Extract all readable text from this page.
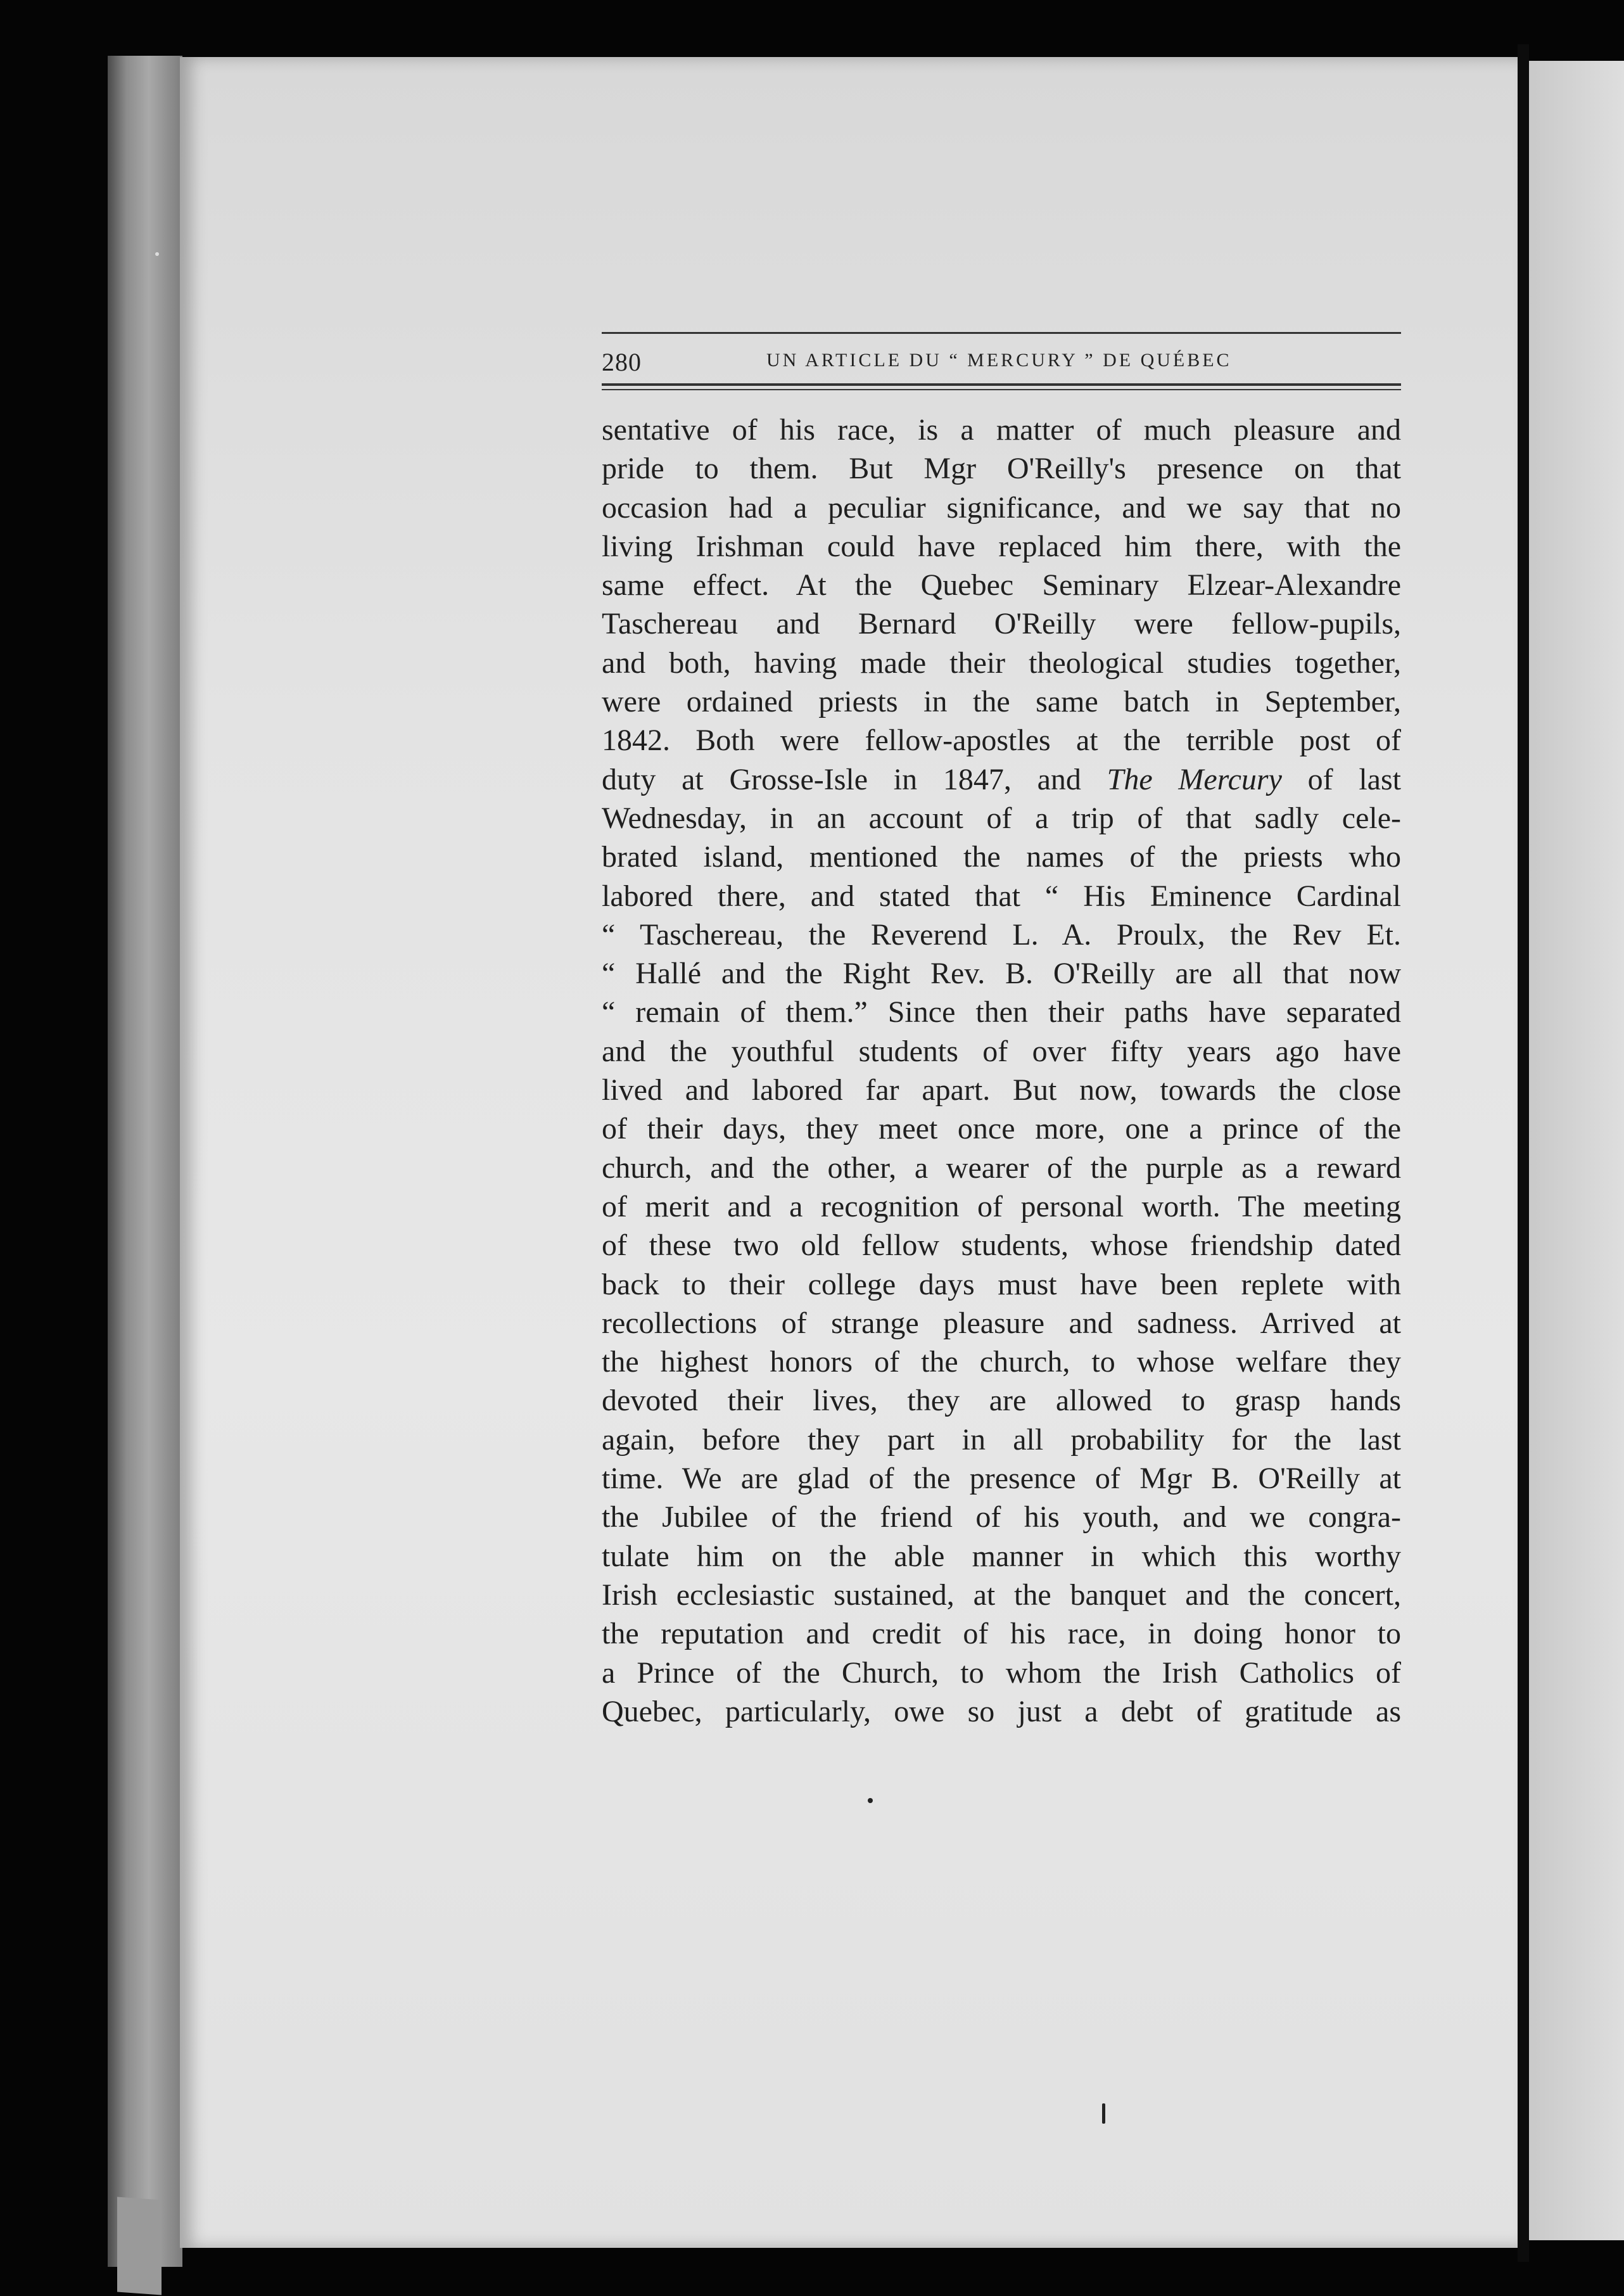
280	UN ARTICLE DU “ MERCURY ” DE QUÉBEC
sentative of his race, is a matter of much pleasure and
pride to them. But Mgr O'Reilly's presence on that
occasion had a peculiar significance, and we say that no
living Irishman could have replaced him there, with the
same effect. At the Quebec Seminary Elzear-Alexandre
Taschereau and Bernard O'Reilly were fellow-pupils,
and both, having made their theological studies together,
were ordained priests in the same batch in September,
1842. Both were fellow-apostles at the terrible post of
duty at Grosse-Isle in 1847, and The Mercury of last
Wednesday, in an account of a trip of that sadly cele-
brated island, mentioned the names of the priests who
labored there, and stated that “ His Eminence Cardinal
“ Taschereau, the Reverend L. A. Proulx, the Rev Et.
“ Hallé and the Right Rev. B. O'Reilly are all that now
“ remain of them.” Since then their paths have separated
and the youthful students of over fifty years ago have
lived and labored far apart. But now, towards the close
of their days, they meet once more, one a prince of the
church, and the other, a wearer of the purple as a reward
of merit and a recognition of personal worth. The meeting
of these two old fellow students, whose friendship dated
back to their college days must have been replete with
recollections of strange pleasure and sadness. Arrived at
the highest honors of the church, to whose welfare they
devoted their lives, they are allowed to grasp hands
again, before they part in all probability for the last
time. We are glad of the presence of Mgr B. O'Reilly at
the Jubilee of the friend of his youth, and we congra-
tulate him on the able manner in which this worthy
Irish ecclesiastic sustained, at the banquet and the concert,
the reputation and credit of his race, in doing honor to
a Prince of the Church, to whom the Irish Catholics of
Quebec, particularly, owe so just a debt of gratitude as
